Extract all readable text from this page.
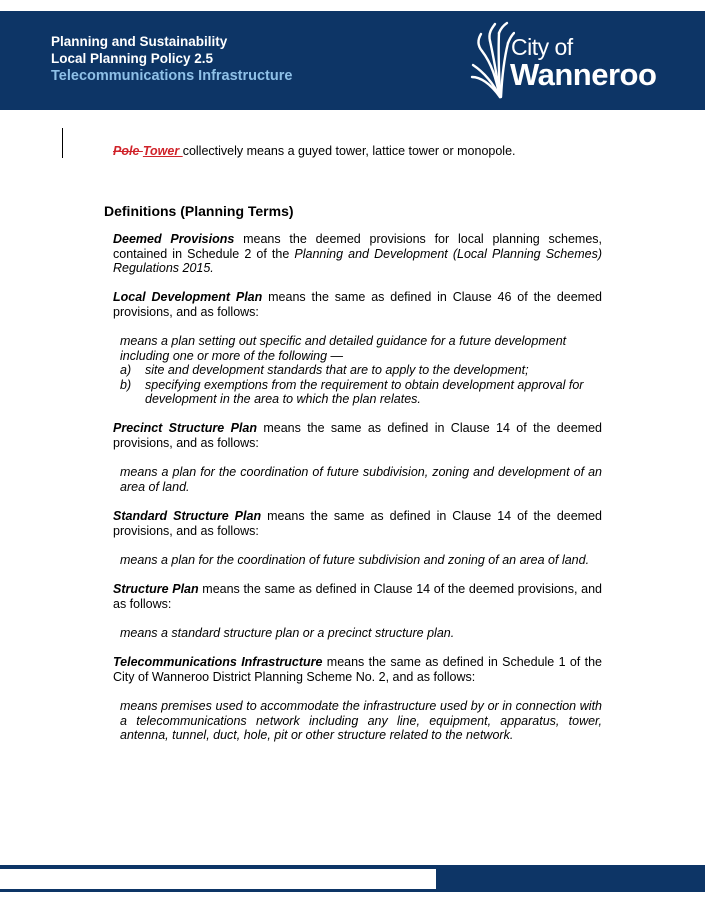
Planning and Sustainability
Local Planning Policy 2.5
Telecommunications Infrastructure
City of
Wanneroo
Pole Tower collectively means a guyed tower, lattice tower or monopole.
Definitions (Planning Terms)
Deemed Provisions means the deemed provisions for local planning schemes, contained in Schedule 2 of the Planning and Development (Local Planning Schemes) Regulations 2015.
Local Development Plan means the same as defined in Clause 46 of the deemed provisions, and as follows:
means a plan setting out specific and detailed guidance for a future development including one or more of the following —
a) site and development standards that are to apply to the development;
b) specifying exemptions from the requirement to obtain development approval for development in the area to which the plan relates.
Precinct Structure Plan means the same as defined in Clause 14 of the deemed provisions, and as follows:
means a plan for the coordination of future subdivision, zoning and development of an area of land.
Standard Structure Plan means the same as defined in Clause 14 of the deemed provisions, and as follows:
means a plan for the coordination of future subdivision and zoning of an area of land.
Structure Plan means the same as defined in Clause 14 of the deemed provisions, and as follows:
means a standard structure plan or a precinct structure plan.
Telecommunications Infrastructure means the same as defined in Schedule 1 of the City of Wanneroo District Planning Scheme No. 2, and as follows:
means premises used to accommodate the infrastructure used by or in connection with a telecommunications network including any line, equipment, apparatus, tower, antenna, tunnel, duct, hole, pit or other structure related to the network.
